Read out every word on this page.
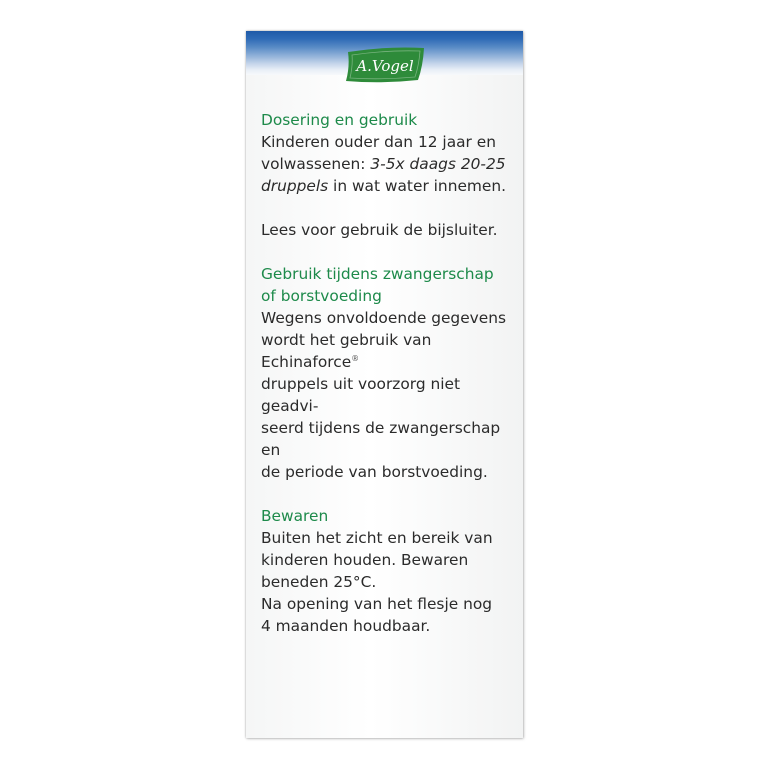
A.Vogel

Dosering en gebruik

Kinderen ouder dan 12 jaar en

volwassenen: 3-5x daags 20-25

druppels in wat water innemen.

Lees voor gebruik de bijsluiter.

Gebruik tijdens zwangerschap

of borstvoeding

Wegens onvoldoende gegevens

wordt het gebruik van Echinaforce®

druppels uit voorzorg niet geadvi-

seerd tijdens de zwangerschap en

de periode van borstvoeding.

Bewaren

Buiten het zicht en bereik van

kinderen houden. Bewaren

beneden 25°C.

Na opening van het flesje nog

4 maanden houdbaar.
